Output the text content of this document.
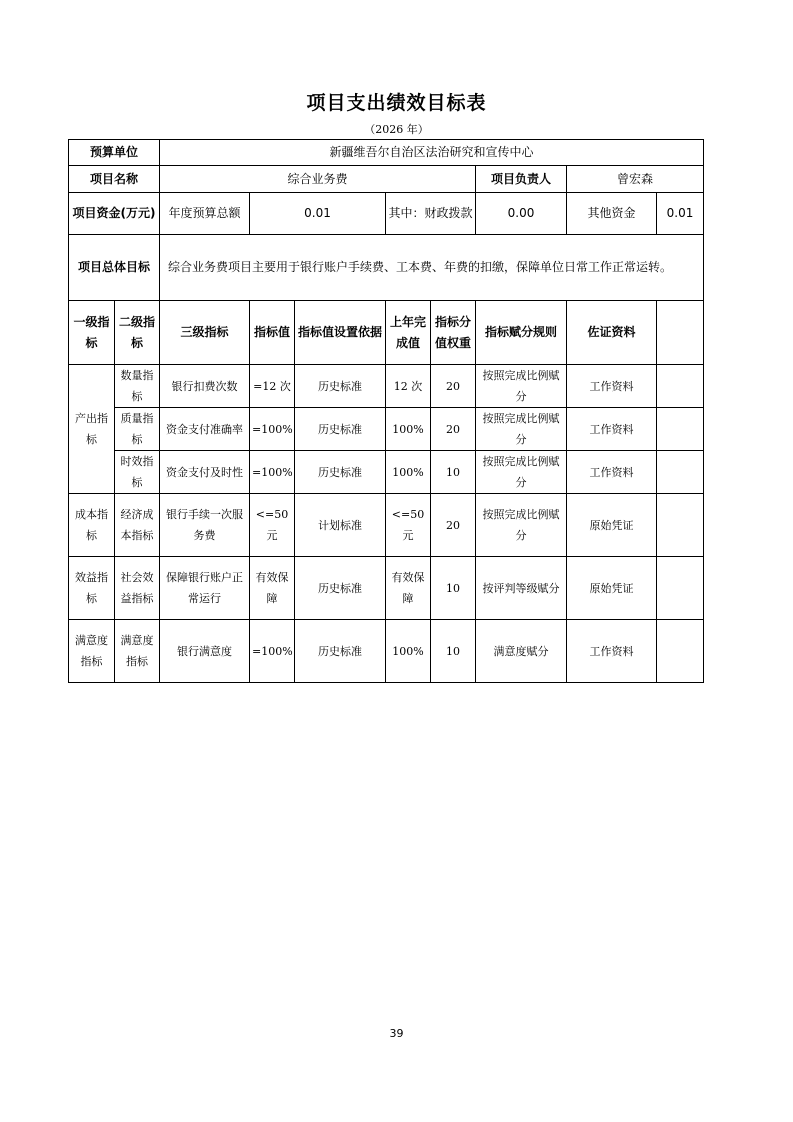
项目支出绩效目标表
（2026 年）
预算单位		新疆维吾尔自治区法治研究和宣传中心							
项目名称		综合业务费					项目负责人	曾宏森	
项目资金(万元)		年度预算总额	0.01		其中：财政拨款		0.00	其他资金	0.01
项目总体目标		综合业务费项目主要用于银行账户手续费、工本费、年费的扣缴，保障单位日常工作正常运转。							
一级指标	二级指标	三级指标	指标值	指标值设置依据	上年完成值	指标分值权重	指标赋分规则	佐证资料	
产出指标	数量指标	银行扣费次数	=12 次	历史标准	12 次	20	按照完成比例赋分	工作资料	
	质量指标	资金支付准确率	=100%	历史标准	100%	20	按照完成比例赋分	工作资料	
	时效指标	资金支付及时性	=100%	历史标准	100%	10	按照完成比例赋分	工作资料	
成本指标	经济成本指标	银行手续一次服务费	<=50元	计划标准	<=50元	20	按照完成比例赋分	原始凭证	
效益指标	社会效益指标	保障银行账户正常运行	有效保障	历史标准	有效保障	10	按评判等级赋分	原始凭证	
满意度指标	满意度指标	银行满意度	=100%	历史标准	100%	10	满意度赋分	工作资料	
39
